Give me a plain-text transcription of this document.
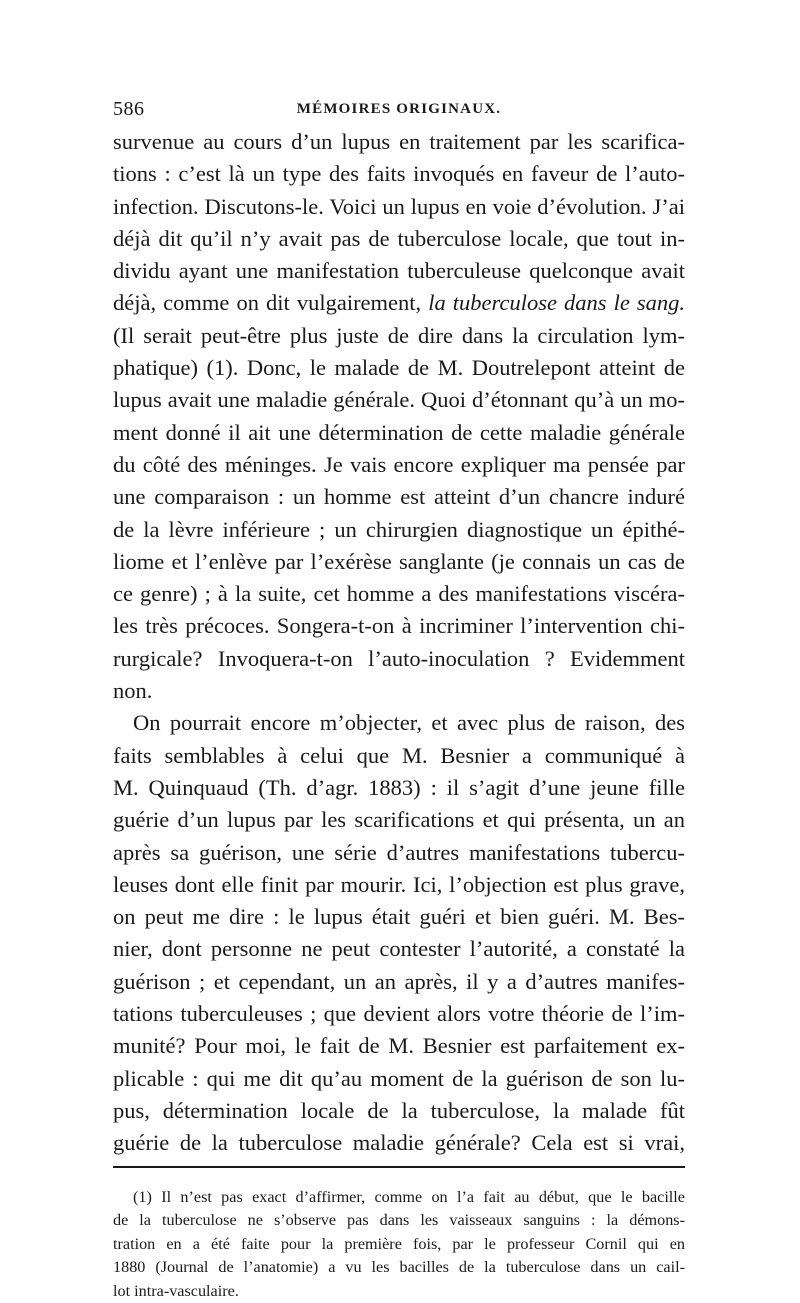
586	MÉMOIRES ORIGINAUX.
survenue au cours d’un lupus en traitement par les scarifica-
tions : c’est là un type des faits invoqués en faveur de l’auto-
infection. Discutons-le. Voici un lupus en voie d’évolution. J’ai
déjà dit qu’il n’y avait pas de tuberculose locale, que tout in-
dividu ayant une manifestation tuberculeuse quelconque avait
déjà, comme on dit vulgairement, la tuberculose dans le sang.
(Il serait peut-être plus juste de dire dans la circulation lym-
phatique) (1). Donc, le malade de M. Doutrelepont atteint de
lupus avait une maladie générale. Quoi d’étonnant qu’à un mo-
ment donné il ait une détermination de cette maladie générale
du côté des méninges. Je vais encore expliquer ma pensée par
une comparaison : un homme est atteint d’un chancre induré
de la lèvre inférieure ; un chirurgien diagnostique un épithé-
liome et l’enlève par l’exérèse sanglante (je connais un cas de
ce genre) ; à la suite, cet homme a des manifestations viscéra-
les très précoces. Songera-t-on à incriminer l’intervention chi-
rurgicale? Invoquera-t-on l’auto-inoculation ? Evidemment
non.
On pourrait encore m’objecter, et avec plus de raison, des
faits semblables à celui que M. Besnier a communiqué à
M. Quinquaud (Th. d’agr. 1883) : il s’agit d’une jeune fille
guérie d’un lupus par les scarifications et qui présenta, un an
après sa guérison, une série d’autres manifestations tubercu-
leuses dont elle finit par mourir. Ici, l’objection est plus grave,
on peut me dire : le lupus était guéri et bien guéri. M. Bes-
nier, dont personne ne peut contester l’autorité, a constaté la
guérison ; et cependant, un an après, il y a d’autres manifes-
tations tuberculeuses ; que devient alors votre théorie de l’im-
munité? Pour moi, le fait de M. Besnier est parfaitement ex-
plicable : qui me dit qu’au moment de la guérison de son lu-
pus, détermination locale de la tuberculose, la malade fût
guérie de la tuberculose maladie générale? Cela est si vrai,
(1) Il n’est pas exact d’affirmer, comme on l’a fait au début, que le bacille
de la tuberculose ne s’observe pas dans les vaisseaux sanguins : la démons-
tration en a été faite pour la première fois, par le professeur Cornil qui en
1880 (Journal de l’anatomie) a vu les bacilles de la tuberculose dans un cail-
lot intra-vasculaire.
